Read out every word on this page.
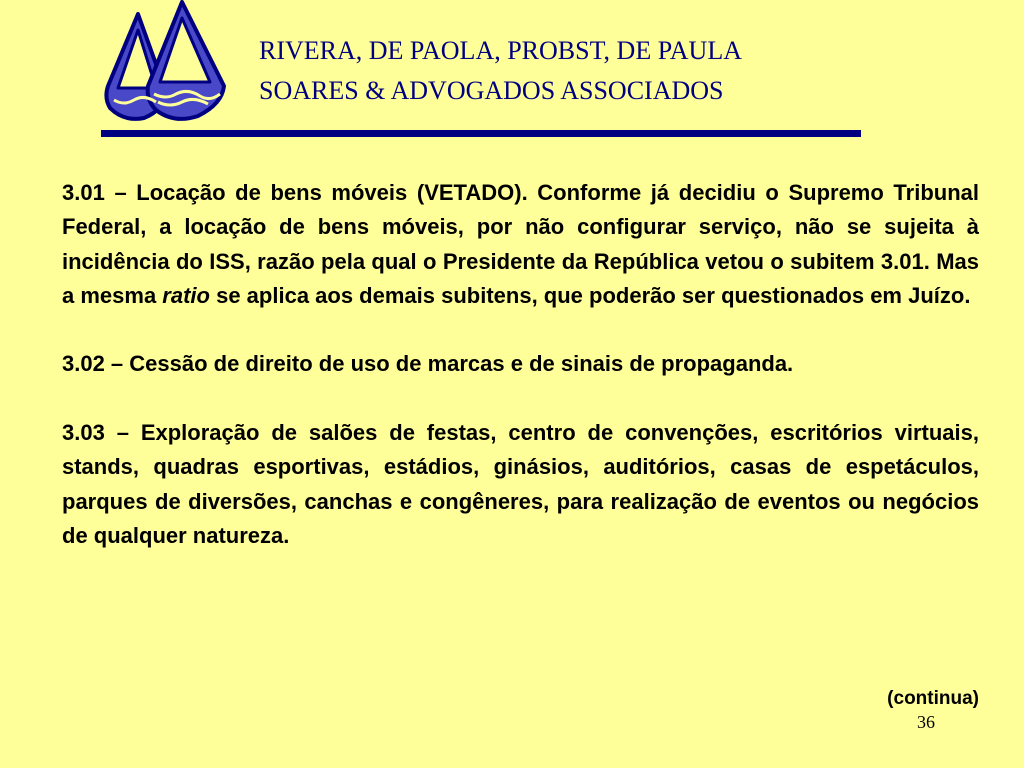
RIVERA, DE PAOLA, PROBST, DE PAULA
SOARES & ADVOGADOS ASSOCIADOS

3.01 – Locação de bens móveis (VETADO). Conforme já decidiu o Supremo Tribunal Federal, a locação de bens móveis, por não configurar serviço, não se sujeita à incidência do ISS, razão pela qual o Presidente da República vetou o subitem 3.01. Mas a mesma ratio se aplica aos demais subitens, que poderão ser questionados em Juízo.

3.02 – Cessão de direito de uso de marcas e de sinais de propaganda.

3.03 – Exploração de salões de festas, centro de convenções, escritórios virtuais, stands, quadras esportivas, estádios, ginásios, auditórios, casas de espetáculos, parques de diversões, canchas e congêneres, para realização de eventos ou negócios de qualquer natureza.

(continua)
36
